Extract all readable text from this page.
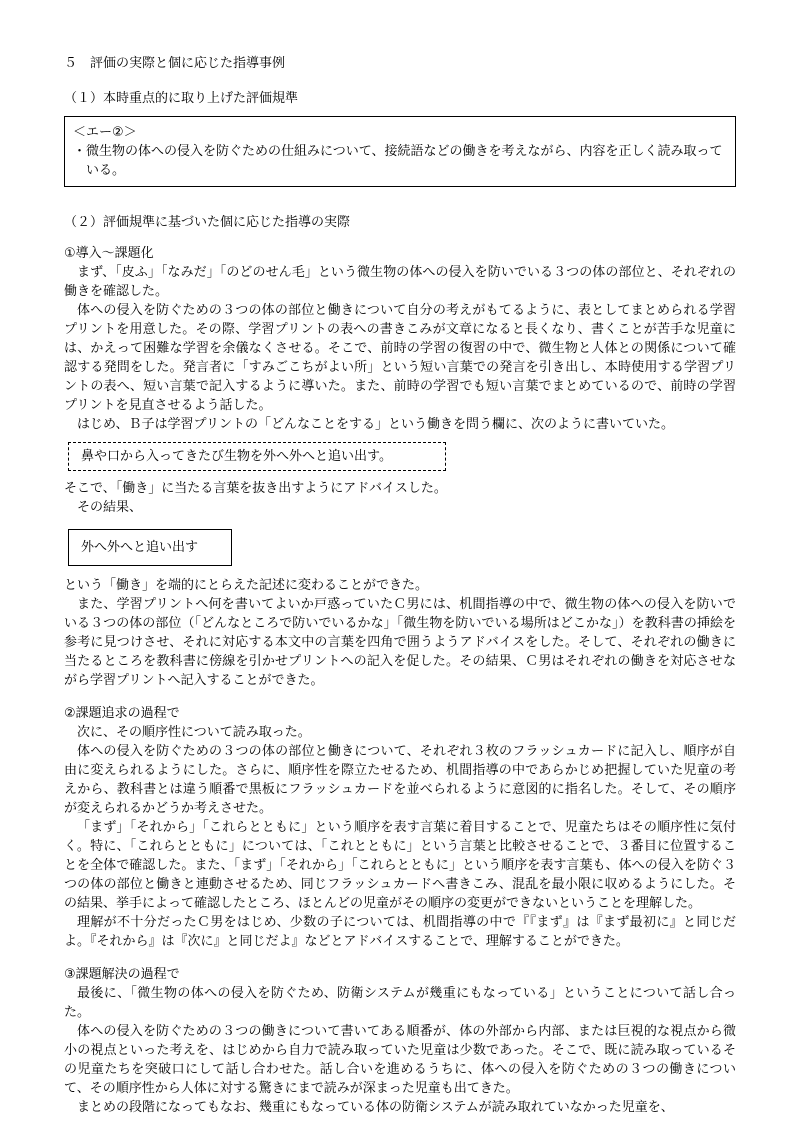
５　評価の実際と個に応じた指導事例
（１）本時重点的に取り上げた評価規準
＜エー②＞
・ 微生物の体への侵入を防ぐための仕組みについて、接続語などの働きを考えながら、内容を正しく読み取っている。
（２）評価規準に基づいた個に応じた指導の実際
①導入～課題化

まず、「皮ふ」「なみだ」「のどのせん毛」という微生物の体への侵入を防いでいる３つの体の部位と、それぞれの働きを確認した。

体への侵入を防ぐための３つの体の部位と働きについて自分の考えがもてるように、表としてまとめられる学習プリントを用意した。その際、学習プリントの表への書きこみが文章になると長くなり、書くことが苦手な児童には、かえって困難な学習を余儀なくさせる。そこで、前時の学習の復習の中で、微生物と人体との関係について確認する発問をした。発言者に「すみごこちがよい所」という短い言葉での発言を引き出し、本時使用する学習プリントの表へ、短い言葉で記入するように導いた。また、前時の学習でも短い言葉でまとめているので、前時の学習プリントを見直させるよう話した。

はじめ、Ｂ子は学習プリントの「どんなことをする」という働きを問う欄に、次のように書いていた。

鼻や口から入ってきたび生物を外へ外へと追い出す。

そこで、「働き」に当たる言葉を抜き出すようにアドバイスした。

その結果、

外へ外へと追い出す

という「働き」を端的にとらえた記述に変わることができた。

また、学習プリントへ何を書いてよいか戸惑っていたＣ男には、机間指導の中で、微生物の体への侵入を防いでいる３つの体の部位（「どんなところで防いでいるかな」「微生物を防いでいる場所はどこかな」）を教科書の挿絵を参考に見つけさせ、それに対応する本文中の言葉を四角で囲うようアドバイスをした。そして、それぞれの働きに当たるところを教科書に傍線を引かせプリントへの記入を促した。その結果、Ｃ男はそれぞれの働きを対応させながら学習プリントへ記入することができた。

②課題追求の過程で

次に、その順序性について読み取った。

体への侵入を防ぐための３つの体の部位と働きについて、それぞれ３枚のフラッシュカードに記入し、順序が自由に変えられるようにした。さらに、順序性を際立たせるため、机間指導の中であらかじめ把握していた児童の考えから、教科書とは違う順番で黒板にフラッシュカードを並べられるように意図的に指名した。そして、その順序が変えられるかどうか考えさせた。

「まず」「それから」「これらとともに」という順序を表す言葉に着目することで、児童たちはその順序性に気付く。特に、「これらとともに」については、「これとともに」という言葉と比較させることで、３番目に位置することを全体で確認した。また、「まず」「それから」「これらとともに」という順序を表す言葉も、体への侵入を防ぐ３つの体の部位と働きと連動させるため、同じフラッシュカードへ書きこみ、混乱を最小限に収めるようにした。その結果、挙手によって確認したところ、ほとんどの児童がその順序の変更ができないということを理解した。

理解が不十分だったＣ男をはじめ、少数の子については、机間指導の中で『『まず』は『まず最初に』と同じだよ。『それから』は『次に』と同じだよ』などとアドバイスすることで、理解することができた。

③課題解決の過程で

最後に、「微生物の体への侵入を防ぐため、防衛システムが幾重にもなっている」ということについて話し合った。

体への侵入を防ぐための３つの働きについて書いてある順番が、体の外部から内部、または巨視的な視点から微小の視点といった考えを、はじめから自力で読み取っていた児童は少数であった。そこで、既に読み取っているその児童たちを突破口にして話し合わせた。話し合いを進めるうちに、体への侵入を防ぐための３つの働きについて、その順序性から人体に対する驚きにまで読みが深まった児童も出てきた。

まとめの段階になってもなお、幾重にもなっている体の防衛システムが読み取れていなかった児童を、
